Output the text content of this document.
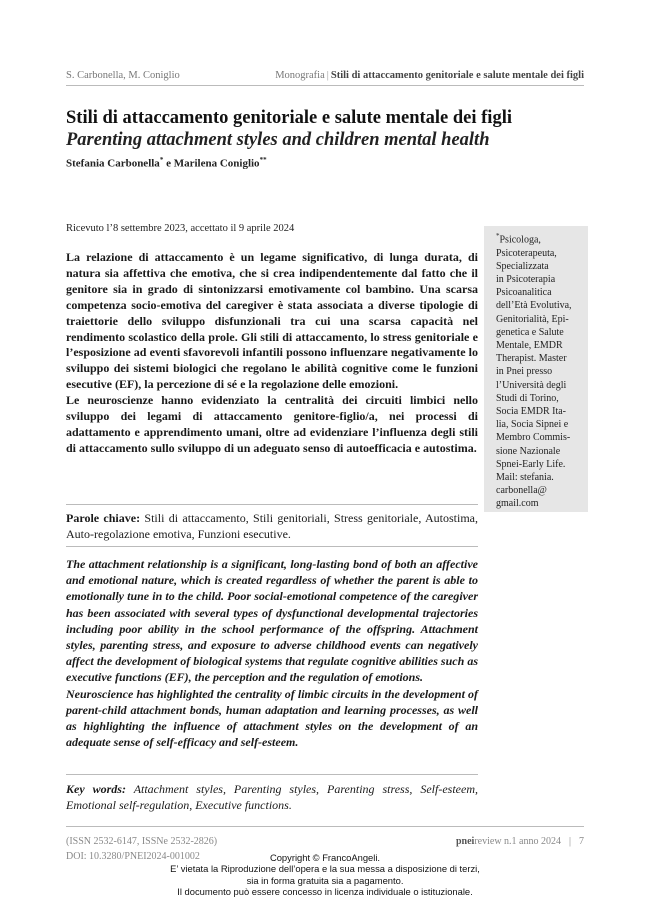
S. Carbonella, M. Coniglio	Monografia | Stili di attaccamento genitoriale e salute mentale dei figli
Stili di attaccamento genitoriale e salute mentale dei figli
Parenting attachment styles and children mental health
Stefania Carbonella* e Marilena Coniglio**
Ricevuto l’8 settembre 2023, accettato il 9 aprile 2024

La relazione di attaccamento è un legame significativo, di lunga durata, di natura sia affettiva che emotiva, che si crea indipendentemente dal fatto che il genitore sia in grado di sintonizzarsi emotivamente col bambino. Una scarsa competenza socio-emotiva del caregiver è stata associata a diverse tipologie di traiettorie dello sviluppo disfunzionali tra cui una scarsa capacità nel rendimento scolastico della prole. Gli stili di attaccamento, lo stress genitoriale e l’esposizione ad eventi sfavorevoli infantili possono influenzare negativamente lo sviluppo dei sistemi biologici che regolano le abilità cognitive come le funzioni esecutive (EF), la percezione di sé e la regolazione delle emozioni.

Le neuroscienze hanno evidenziato la centralità dei circuiti limbici nello sviluppo dei legami di attaccamento genitore-figlio/a, nei processi di adattamento e apprendimento umani, oltre ad evidenziare l’influenza degli stili di attaccamento sullo sviluppo di un adeguato senso di autoefficacia e autostima.

Parole chiave: Stili di attaccamento, Stili genitoriali, Stress genitoriale, Autostima, Auto-regolazione emotiva, Funzioni esecutive.

The attachment relationship is a significant, long-lasting bond of both an affective and emotional nature, which is created regardless of whether the parent is able to emotionally tune in to the child. Poor social-emotional competence of the caregiver has been associated with several types of dysfunctional developmental trajectories including poor ability in the school performance of the offspring. Attachment styles, parenting stress, and exposure to adverse childhood events can negatively affect the development of biological systems that regulate cognitive abilities such as executive functions (EF), the perception and the regulation of emotions.

Neuroscience has highlighted the centrality of limbic circuits in the development of parent-child attachment bonds, human adaptation and learning processes, as well as highlighting the influence of attachment styles on the development of an adequate sense of self-efficacy and self-esteem.

Key words: Attachment styles, Parenting styles, Parenting stress, Self-esteem, Emotional self-regulation, Executive functions.
*Psicologa,
Psicoterapeuta,
Specializzata
in Psicoterapia
Psicoanalitica
dell’Età Evolutiva,
Genitorialità, Epi-
genetica e Salute
Mentale, EMDR
Therapist. Master
in Pnei presso
l’Università degli
Studi di Torino,
Socia EMDR Ita-
lia, Socia Sipnei e
Membro Commis-
sione Nazionale
Spnei-Early Life.
Mail: stefania.
carbonella@
gmail.com
(ISSN 2532-6147, ISSNe 2532-2826)
DOI: 10.3280/PNEI2024-001002
pneireview n.1 anno 2024 | 7
Copyright © FrancoAngeli.
E’ vietata la Riproduzione dell’opera e la sua messa a disposizione di terzi,
sia in forma gratuita sia a pagamento.
Il documento può essere concesso in licenza individuale o istituzionale.
